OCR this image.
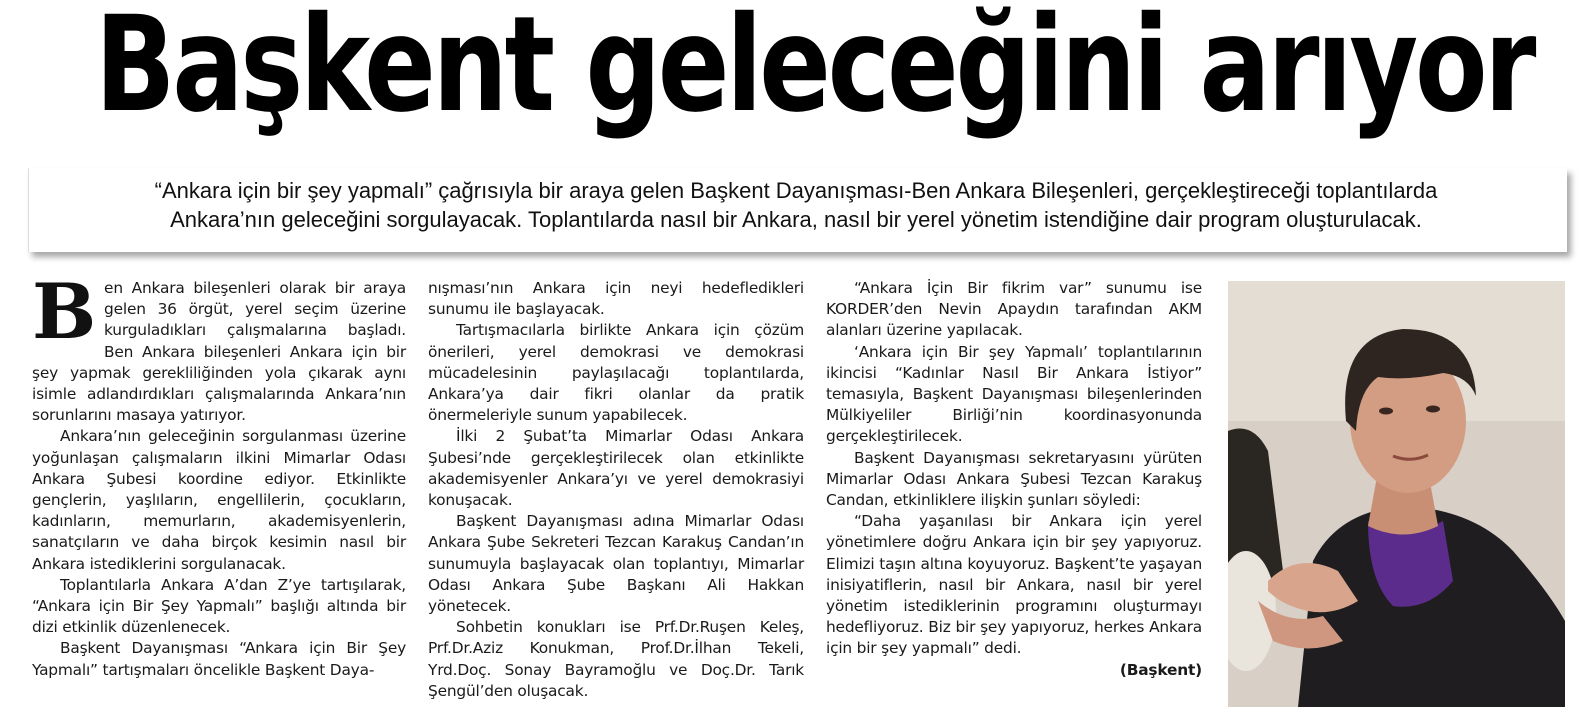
Başkent geleceğini arıyor

“Ankara için bir şey yapmalı” çağrısıyla bir araya gelen Başkent Dayanışması-Ben Ankara Bileşenleri, gerçekleştireceği toplantılarda
Ankara’nın geleceğini sorgulayacak. Toplantılarda nasıl bir Ankara, nasıl bir yerel yönetim istendiğine dair program oluşturulacak.

B en Ankara bileşenleri olarak bir araya gelen 36 örgüt, yerel seçim üzerine kurguladıkları çalışmalarına başladı. Ben Ankara bileşenleri Ankara için bir şey yapmak gerekliliğinden yola çıkarak aynı isimle adlandırdıkları çalışmalarında Ankara’nın sorunlarını masaya yatırıyor.

Ankara’nın geleceğinin sorgulanması üzerine yoğunlaşan çalışmaların ilkini Mimarlar Odası Ankara Şubesi koordine ediyor. Etkinlikte gençlerin, yaşlıların, engellilerin, çocukların, kadınların, memurların, akademisyenlerin, sanatçıların ve daha birçok kesimin nasıl bir Ankara istediklerini sorgulanacak.

Toplantılarla Ankara A’dan Z’ye tartışılarak, “Ankara için Bir Şey Yapmalı” başlığı altında bir dizi etkinlik düzenlenecek.

Başkent Dayanışması “Ankara için Bir Şey Yapmalı” tartışmaları öncelikle Başkent Daya-

nışması’nın Ankara için neyi hedefledikleri sunumu ile başlayacak.

Tartışmacılarla birlikte Ankara için çözüm önerileri, yerel demokrasi ve demokrasi mücadelesinin paylaşılacağı toplantılarda, Ankara’ya dair fikri olanlar da pratik önermeleriyle sunum yapabilecek.

İlki 2 Şubat’ta Mimarlar Odası Ankara Şubesi’nde gerçekleştirilecek olan etkinlikte akademisyenler Ankara’yı ve yerel demokrasiyi konuşacak.

Başkent Dayanışması adına Mimarlar Odası Ankara Şube Sekreteri Tezcan Karakuş Candan’ın sunumuyla başlayacak olan toplantıyı, Mimarlar Odası Ankara Şube Başkanı Ali Hakkan yönetecek.

Sohbetin konukları ise Prf.Dr.Ruşen Keleş, Prf.Dr.Aziz Konukman, Prof.Dr.İlhan Tekeli, Yrd.Doç. Sonay Bayramoğlu ve Doç.Dr. Tarık Şengül’den oluşacak.

“Ankara İçin Bir fikrim var” sunumu ise KORDER’den Nevin Apaydın tarafından AKM alanları üzerine yapılacak.

‘Ankara için Bir şey Yapmalı’ toplantılarının ikincisi “Kadınlar Nasıl Bir Ankara İstiyor” temasıyla, Başkent Dayanışması bileşenlerinden Mülkiyeliler Birliği’nin koordinasyonunda gerçekleştirilecek.

Başkent Dayanışması sekretaryasını yürüten Mimarlar Odası Ankara Şubesi Tezcan Karakuş Candan, etkinliklere ilişkin şunları söyledi:

“Daha yaşanılası bir Ankara için yerel yönetimlere doğru Ankara için bir şey yapıyoruz. Elimizi taşın altına koyuyoruz. Başkent’te yaşayan inisiyatiflerin, nasıl bir Ankara, nasıl bir yerel yönetim istediklerinin programını oluşturmayı hedefliyoruz. Biz bir şey yapıyoruz, herkes Ankara için bir şey yapmalı” dedi.

(Başkent)
